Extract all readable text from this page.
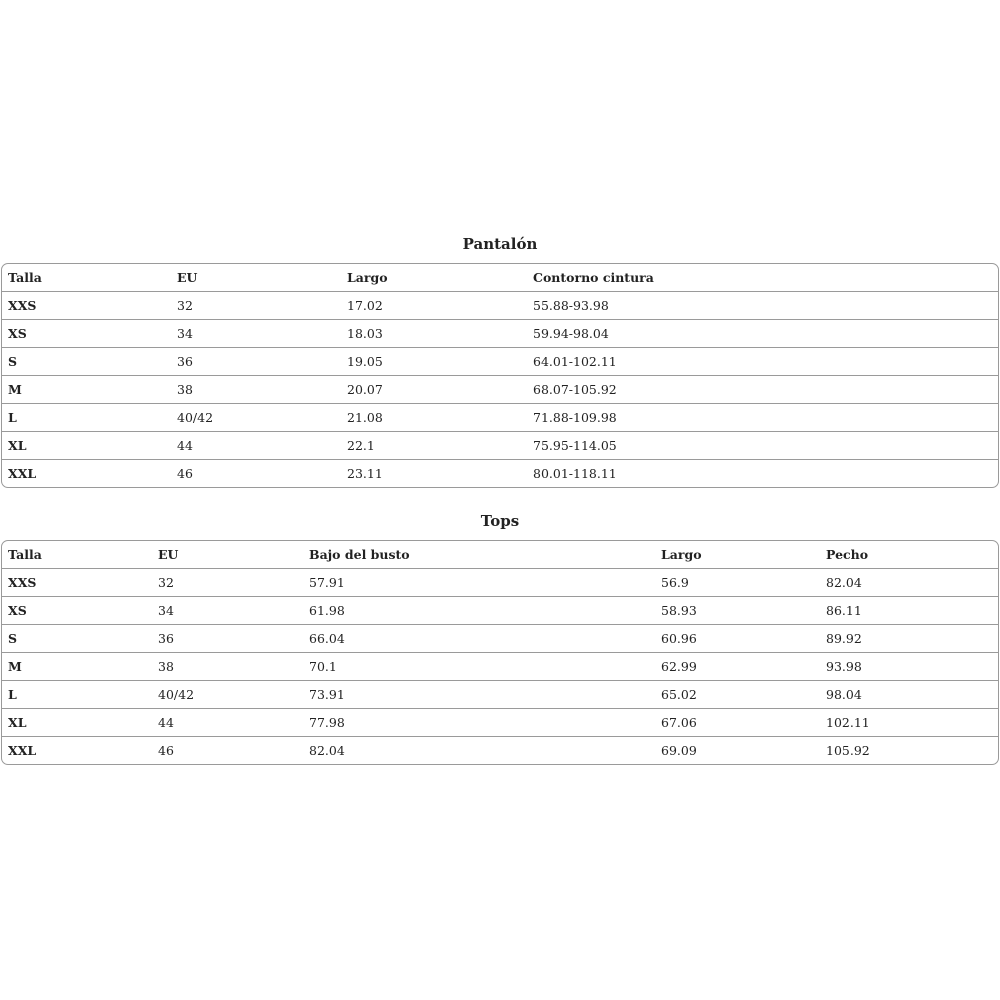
Pantalón
Talla	EU	Largo	Contorno cintura
XXS	32	17.02	55.88-93.98
XS	34	18.03	59.94-98.04
S	36	19.05	64.01-102.11
M	38	20.07	68.07-105.92
L	40/42	21.08	71.88-109.98
XL	44	22.1	75.95-114.05
XXL	46	23.11	80.01-118.11
Tops
Talla	EU	Bajo del busto	Largo	Pecho
XXS	32	57.91	56.9	82.04
XS	34	61.98	58.93	86.11
S	36	66.04	60.96	89.92
M	38	70.1	62.99	93.98
L	40/42	73.91	65.02	98.04
XL	44	77.98	67.06	102.11
XXL	46	82.04	69.09	105.92
